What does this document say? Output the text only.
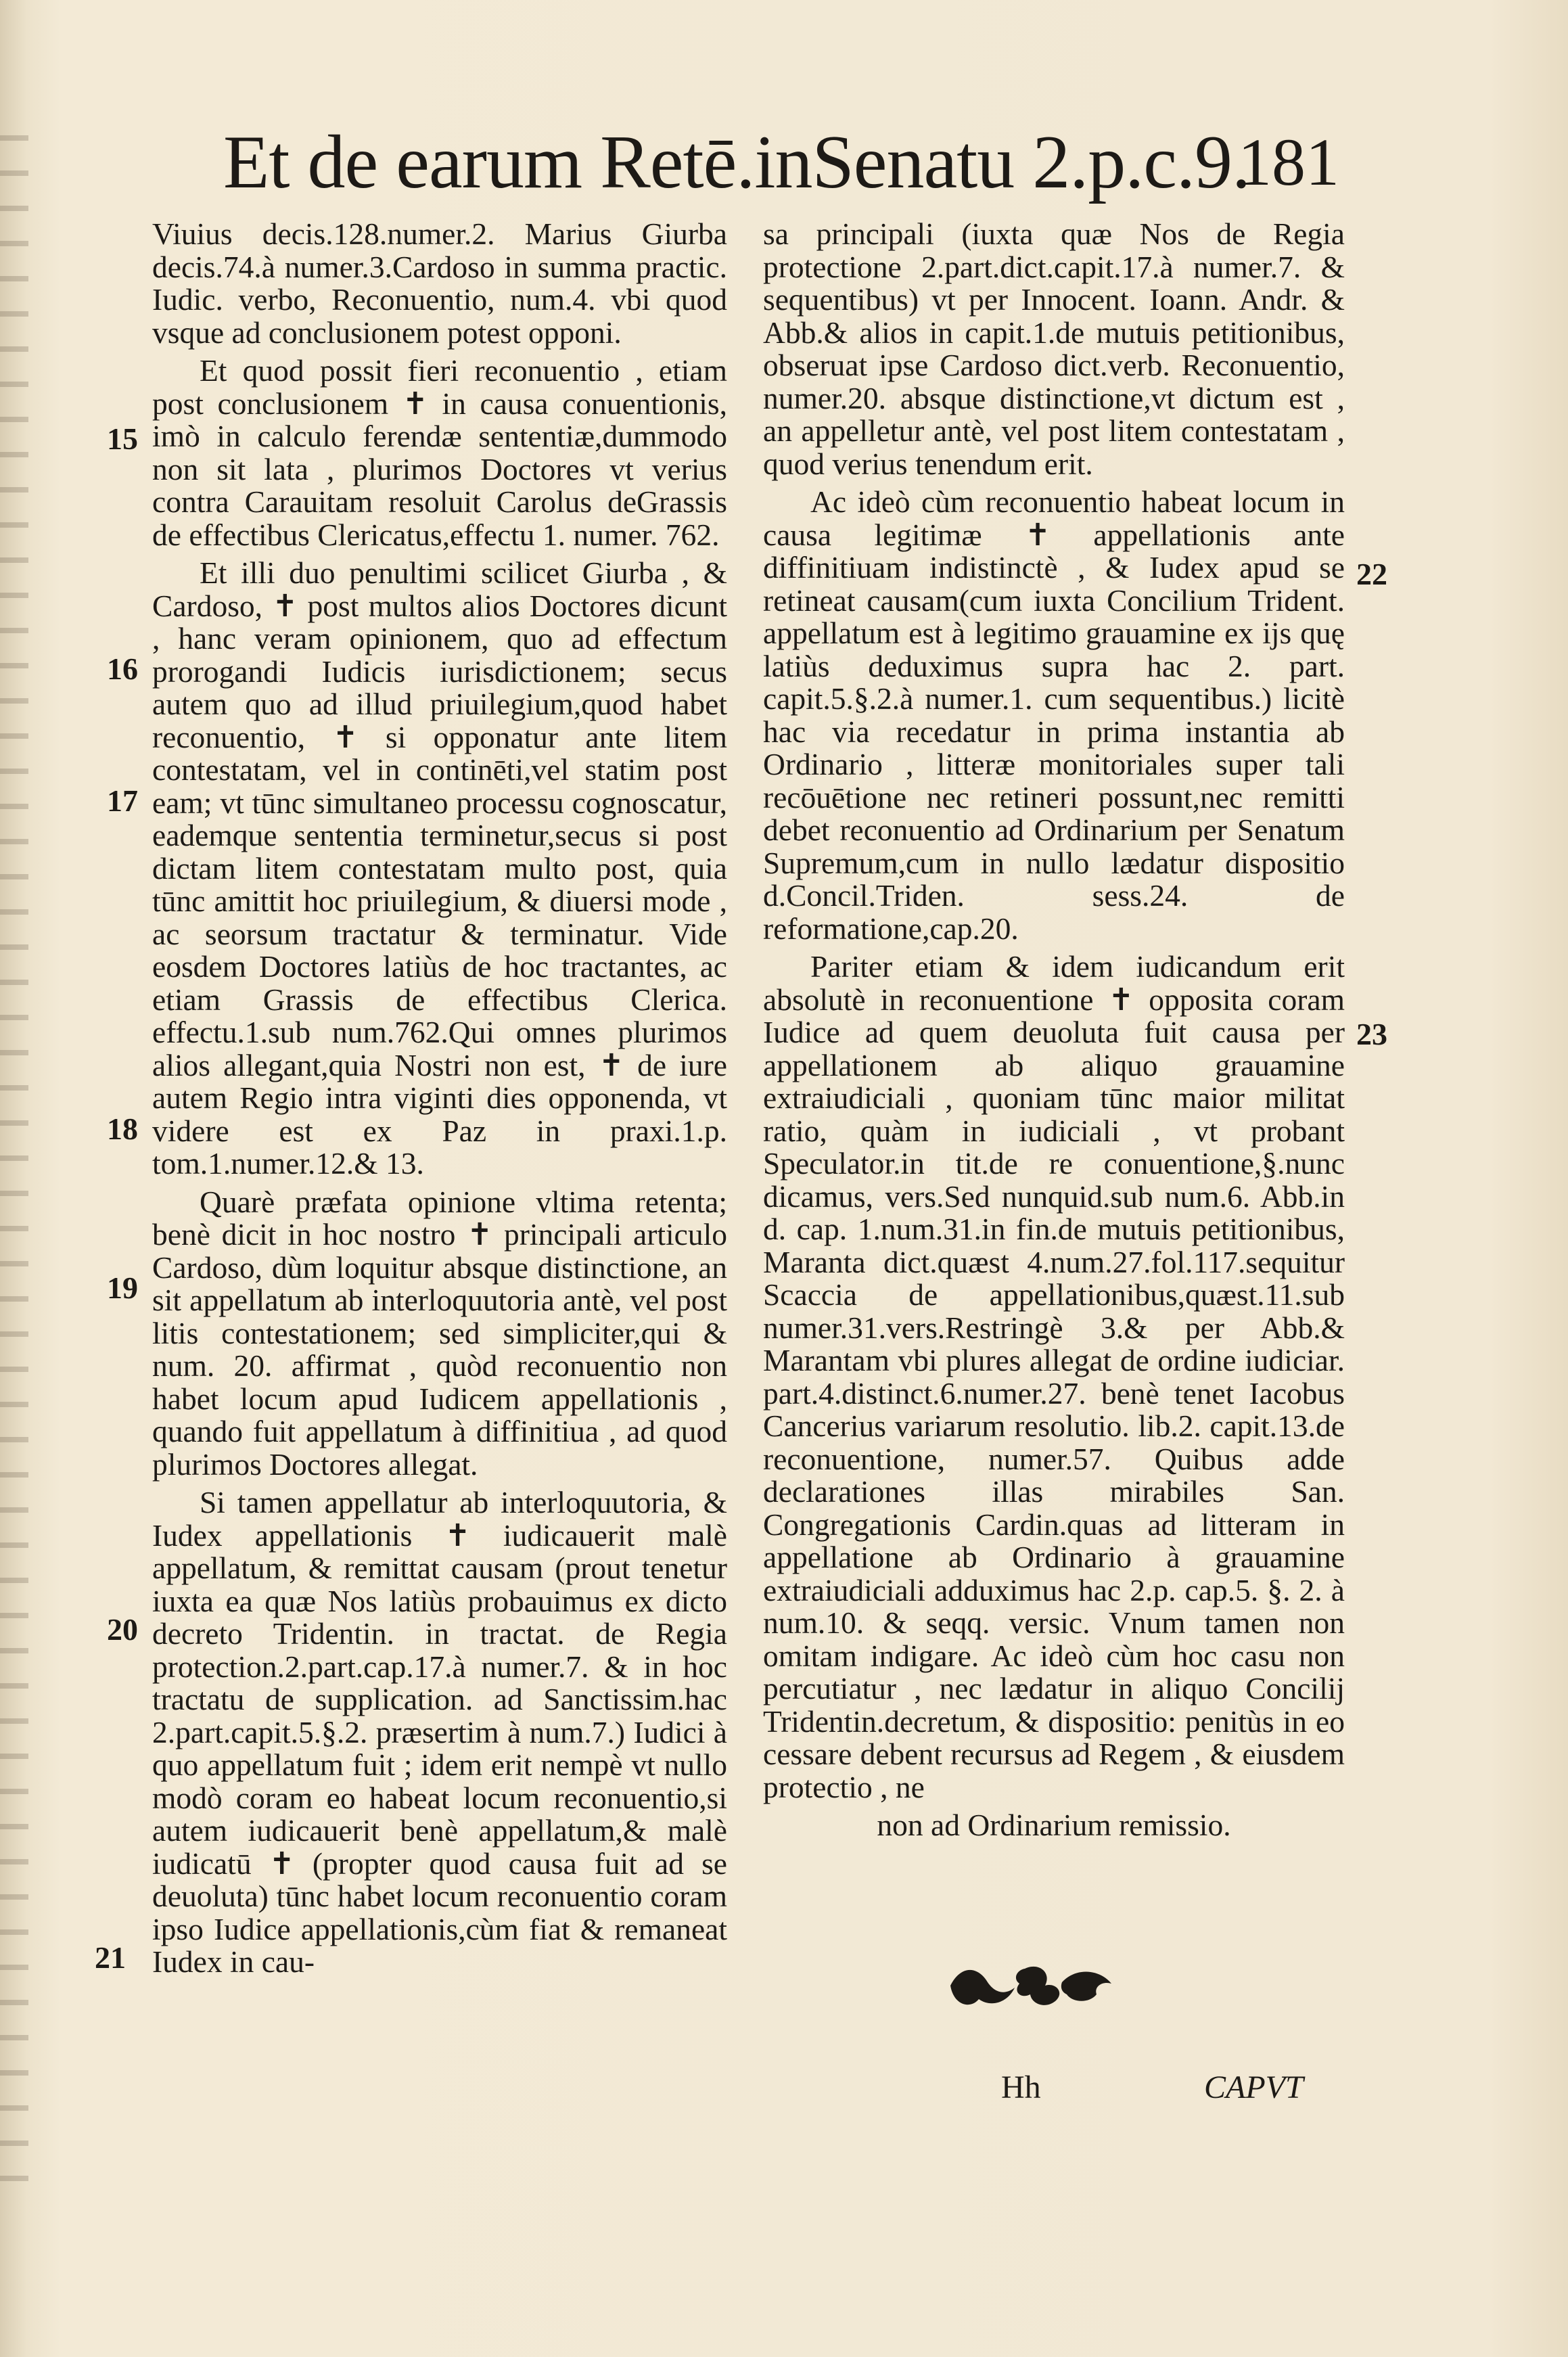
Et de earum Retē.inSenatu 2.p.c.9.
181

Viuius decis.128.numer.2. Marius Giurba decis.74.à numer.3.Cardoso in summa practic. Iudic. verbo, Reconuentio, num.4. vbi quod vsque ad conclusionem potest opponi.

Et quod possit fieri reconuentio , etiam post conclusionem ✝ in causa conuentionis, imò in calculo ferendæ sententiæ,dummodo non sit lata , plurimos Doctores vt verius contra Carauitam resoluit Carolus deGrassis de effectibus Clericatus,effectu 1. numer. 762.

Et illi duo penultimi scilicet Giurba , & Cardoso, ✝ post multos alios Doctores dicunt , hanc veram opinionem, quo ad effectum prorogandi Iudicis iurisdictionem; secus autem quo ad illud priuilegium,quod habet reconuentio, ✝ si opponatur ante litem contestatam, vel in continēti,vel statim post eam; vt tūnc simultaneo processu cognoscatur, eademque sententia terminetur,secus si post dictam litem contestatam multo post, quia tūnc amittit hoc priuilegium, & diuersi mode , ac seorsum tractatur & terminatur. Vide eosdem Doctores latiùs de hoc tractantes, ac etiam Grassis de effectibus Clerica. effectu.1.sub num.762.Qui omnes plurimos alios allegant,quia Nostri non est, ✝ de iure autem Regio intra viginti dies opponenda, vt videre est ex Paz in praxi.1.p. tom.1.numer.12.& 13.

Quarè præfata opinione vltima retenta; benè dicit in hoc nostro ✝ principali articulo Cardoso, dùm loquitur absque distinctione, an sit appellatum ab interloquutoria antè, vel post litis contestationem; sed simpliciter,qui & num. 20. affirmat , quòd reconuentio non habet locum apud Iudicem appellationis , quando fuit appellatum à diffinitiua , ad quod plurimos Doctores allegat.

Si tamen appellatur ab interloquutoria, & Iudex appellationis ✝ iudicauerit malè appellatum, & remittat causam (prout tenetur iuxta ea quæ Nos latiùs probauimus ex dicto decreto Tridentin. in tractat. de Regia protection.2.part.cap.17.à numer.7. & in hoc tractatu de supplication. ad Sanctissim.hac 2.part.capit.5.§.2. præsertim à num.7.) Iudici à quo appellatum fuit ; idem erit nempè vt nullo modò coram eo habeat locum reconuentio,si autem iudicauerit benè appellatum,& malè iudicatū ✝ (propter quod causa fuit ad se deuoluta) tūnc habet locum reconuentio coram ipso Iudice appellationis,cùm fiat & remaneat Iudex in cau-

sa principali (iuxta quæ Nos de Regia protectione 2.part.dict.capit.17.à numer.7. & sequentibus) vt per Innocent. Ioann. Andr. & Abb.& alios in capit.1.de mutuis petitionibus, obseruat ipse Cardoso dict.verb. Reconuentio, numer.20. absque distinctione,vt dictum est , an appelletur antè, vel post litem contestatam , quod verius tenendum erit.

Ac ideò cùm reconuentio habeat locum in causa legitimæ ✝ appellationis ante diffinitiuam indistinctè , & Iudex apud se retineat causam(cum iuxta Concilium Trident. appellatum est à legitimo grauamine ex ijs quę latiùs deduximus supra hac 2. part. capit.5.§.2.à numer.1. cum sequentibus.) licitè hac via recedatur in prima instantia ab Ordinario , litteræ monitoriales super tali recōuētione nec retineri possunt,nec remitti debet reconuentio ad Ordinarium per Senatum Supremum,cum in nullo lædatur dispositio d.Concil.Triden. sess.24. de reformatione,cap.20.

Pariter etiam & idem iudicandum erit absolutè in reconuentione ✝ opposita coram Iudice ad quem deuoluta fuit causa per appellationem ab aliquo grauamine extraiudiciali , quoniam tūnc maior militat ratio, quàm in iudiciali , vt probant Speculator.in tit.de re conuentione,§.nunc dicamus, vers.Sed nunquid.sub num.6. Abb.in d. cap. 1.num.31.in fin.de mutuis petitionibus, Maranta dict.quæst 4.num.27.fol.117.sequitur Scaccia de appellationibus,quæst.11.sub numer.31.vers.Restringè 3.& per Abb.& Marantam vbi plures allegat de ordine iudiciar. part.4.distinct.6.numer.27. benè tenet Iacobus Cancerius variarum resolutio. lib.2. capit.13.de reconuentione, numer.57. Quibus adde declarationes illas mirabiles San. Congregationis Cardin.quas ad litteram in appellatione ab Ordinario à grauamine extraiudiciali adduximus hac 2.p. cap.5. §. 2. à num.10. & seqq. versic. Vnum tamen non omitam indigare. Ac ideò cùm hoc casu non percutiatur , nec lædatur in aliquo Concilij Tridentin.decretum, & dispositio: penitùs in eo cessare debent recursus ad Regem , & eiusdem protectio , ne

non ad Ordinarium remissio.

15
16
17
18
19
20
21
22
23
Hh	CAPVT
